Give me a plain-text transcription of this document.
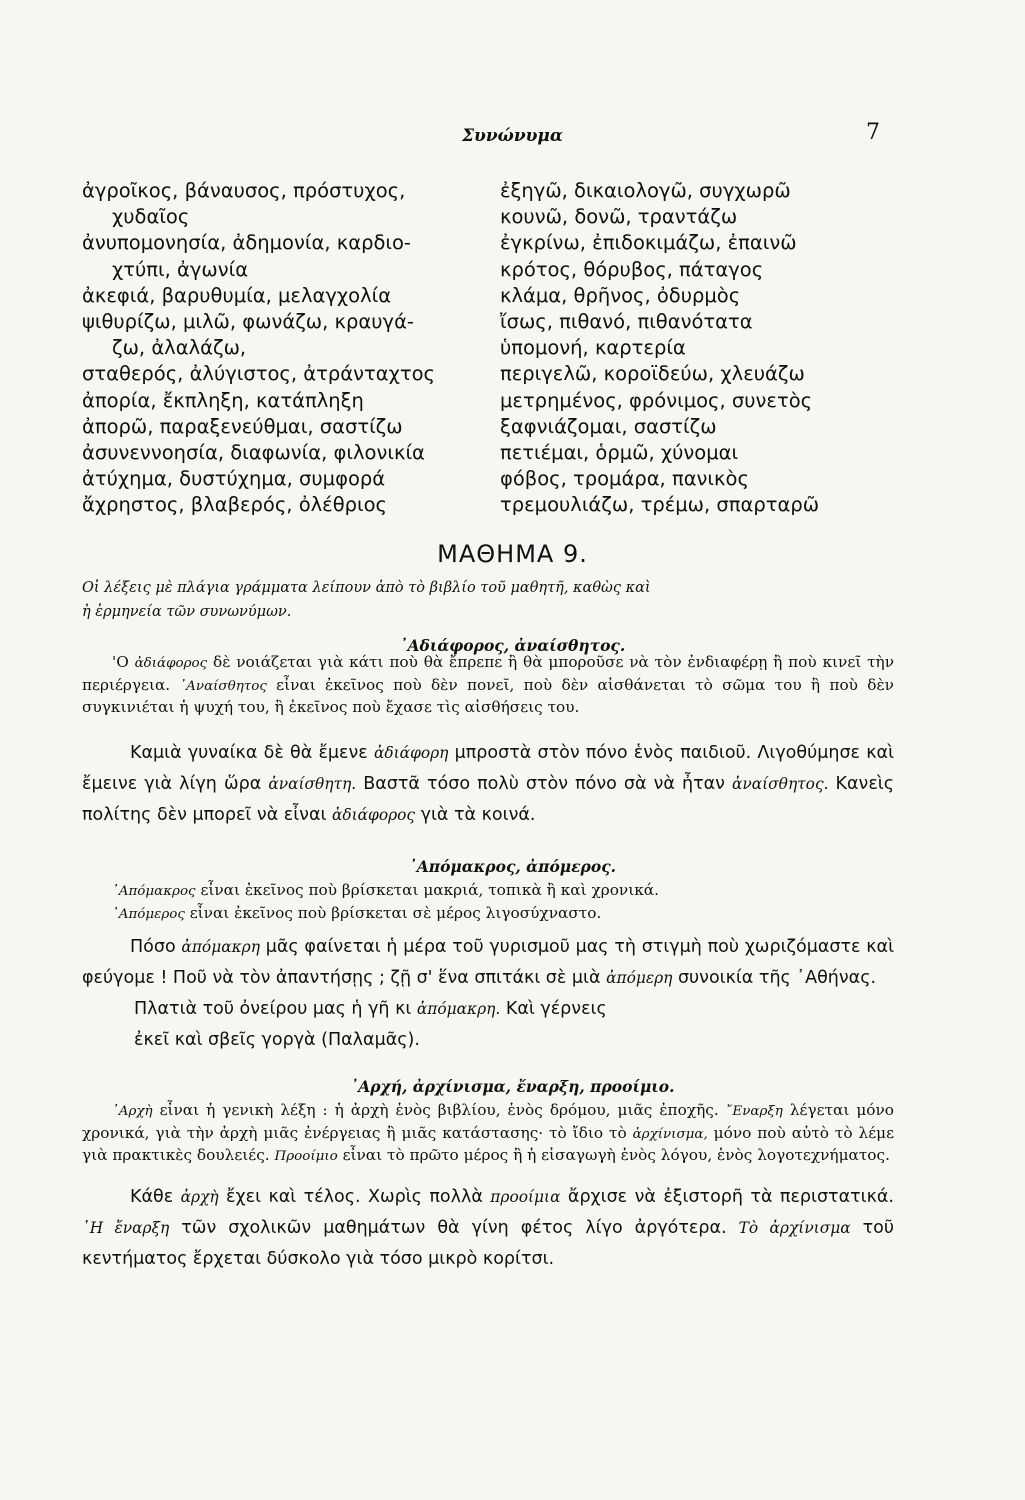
Συνώνυμα	7
ἀγροῖκος, βάναυσος, πρόστυχος,
χυδαῖος
ἀνυπομονησία, ἀδημονία, καρδιο-
χτύπι, ἀγωνία
ἀκεφιά, βαρυθυμία, μελαγχολία
ψιθυρίζω, μιλῶ, φωνάζω, κραυγά-
ζω, ἀλαλάζω,
σταθερός, ἀλύγιστος, ἀτράνταχτος
ἀπορία, ἔκπληξη, κατάπληξη
ἀπορῶ, παραξενεύθμαι, σαστίζω
ἀσυνεννοησία, διαφωνία, φιλονικία
ἀτύχημα, δυστύχημα, συμφορά
ἄχρηστος, βλαβερός, ὀλέθριος
ἐξηγῶ, δικαιολογῶ, συγχωρῶ
κουνῶ, δονῶ, τραντάζω
ἐγκρίνω, ἐπιδοκιμάζω, ἐπαινῶ
κρότος, θόρυβος, πάταγος
κλάμα, θρῆνος, ὀδυρμὸς
ἴσως, πιθανό, πιθανότατα
ὑπομονή, καρτερία
περιγελῶ, κοροϊδεύω, χλευάζω
μετρημένος, φρόνιμος, συνετὸς
ξαφνιάζομαι, σαστίζω
πετιέμαι, ὁρμῶ, χύνομαι
φόβος, τρομάρα, πανικὸς
τρεμουλιάζω, τρέμω, σπαρταρῶ
ΜΑΘΗΜΑ 9.
Οἱ λέξεις μὲ πλάγια γράμματα λείπουν ἀπὸ τὸ βιβλίο τοῦ μαθητῆ, καθὼς καὶ
ἡ ἑρμηνεία τῶν συνωνύμων.
᾿Αδιάφορος, ἀναίσθητος.

'Ο ἀδιάφορος δὲ νοιάζεται γιὰ κάτι ποὺ θὰ ἔπρεπε ἢ θὰ μποροῦσε νὰ τὸν ἐνδιαφέρῃ ἢ ποὺ κινεῖ τὴν περιέργεια. ᾿Αναίσθητος εἶναι ἐκεῖνος ποὺ δὲν πονεῖ, ποὺ δὲν αἰσθάνεται τὸ σῶμα του ἢ ποὺ δὲν συγκινιέται ἡ ψυχή του, ἢ ἐκεῖνος ποὺ ἔχασε τὶς αἰσθήσεις του.

Καμιὰ γυναίκα δὲ θὰ ἔμενε ἀδιάφορη μπροστὰ στὸν πόνο ἑνὸς παιδιοῦ. Λιγοθύμησε καὶ ἔμεινε γιὰ λίγη ὥρα ἀναίσθητη. Βαστᾶ τόσο πολὺ στὸν πόνο σὰ νὰ ἦταν ἀναίσθητος. Κανεὶς πολίτης δὲν μπορεῖ νὰ εἶναι ἀδιάφορος γιὰ τὰ κοινά.

᾿Απόμακρος, ἀπόμερος.

᾿Απόμακρος εἶναι ἐκεῖνος ποὺ βρίσκεται μακριά, τοπικὰ ἢ καὶ χρονικά.

᾿Απόμερος εἶναι ἐκεῖνος ποὺ βρίσκεται σὲ μέρος λιγοσύχναστο.

Πόσο ἀπόμακρη μᾶς φαίνεται ἡ μέρα τοῦ γυρισμοῦ μας τὴ στιγμὴ ποὺ χωριζόμαστε καὶ φεύγομε ! Ποῦ νὰ τὸν ἀπαντήσῃς ; ζῇ σ' ἕνα σπιτάκι σὲ μιὰ ἀπόμερη συνοικία τῆς ᾿Αθήνας.

Πλατιὰ τοῦ ὀνείρου μας ἡ γῆ κι ἀπόμακρη. Καὶ γέρνεις

ἐκεῖ καὶ σβεῖς γοργὰ (Παλαμᾶς).

᾿Αρχή, ἀρχίνισμα, ἔναρξη, προοίμιο.

᾿Αρχὴ εἶναι ἡ γενικὴ λέξη : ἡ ἀρχὴ ἑνὸς βιβλίου, ἑνὸς δρόμου, μιᾶς ἐποχῆς. ῎Εναρξη λέγεται μόνο χρονικά, γιὰ τὴν ἀρχὴ μιᾶς ἐνέργειας ἢ μιᾶς κατάστασης· τὸ ἴδιο τὸ ἀρχίνισμα, μόνο ποὺ αὐτὸ τὸ λέμε γιὰ πρακτικὲς δουλειές. Προοίμιο εἶναι τὸ πρῶτο μέρος ἢ ἡ εἰσαγωγὴ ἑνὸς λόγου, ἑνὸς λογοτεχνήματος.

Κάθε ἀρχὴ ἔχει καὶ τέλος. Χωρὶς πολλὰ προοίμια ἄρχισε νὰ ἐξιστορῆ τὰ περιστατικά. ῾Η ἔναρξη τῶν σχολικῶν μαθημάτων θὰ γίνη φέτος λίγο ἀργότερα. Τὸ ἀρχίνισμα τοῦ κεντήματος ἔρχεται δύσκολο γιὰ τόσο μικρὸ κορίτσι.
